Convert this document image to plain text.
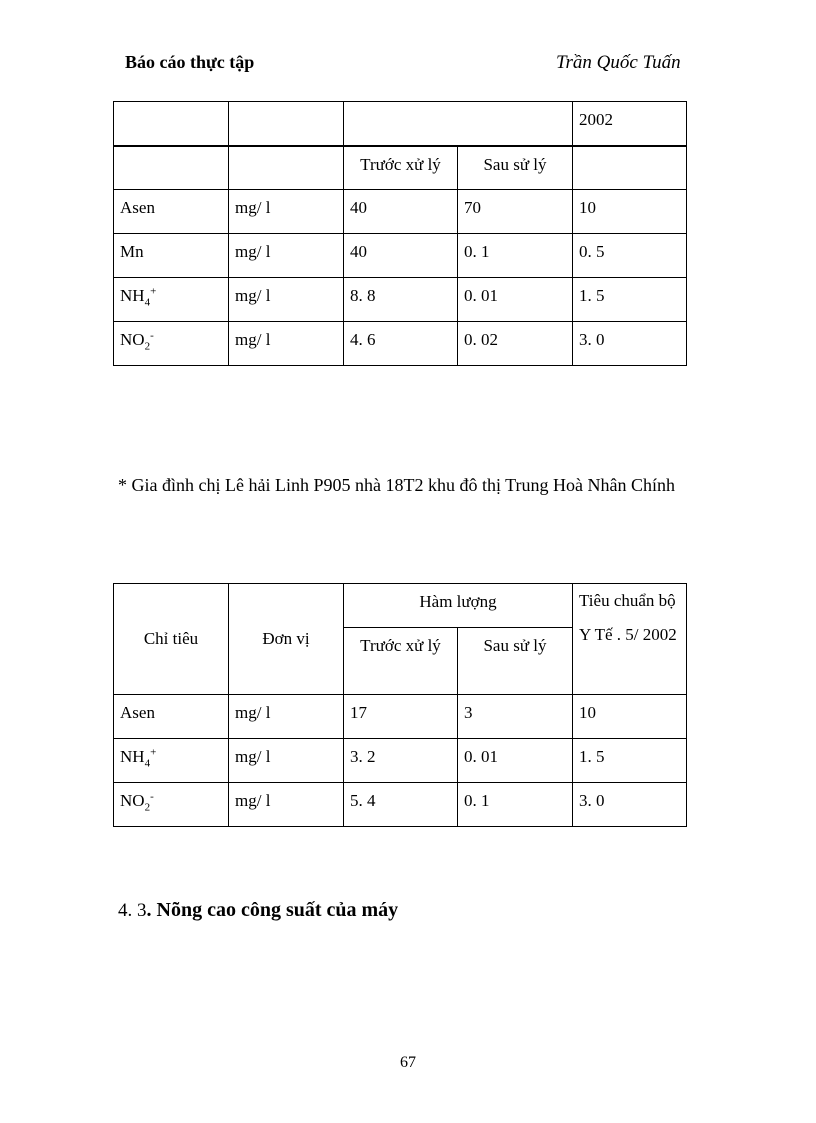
Báo cáo thực tập	Trần Quốc Tuấn
				2002
		Trước xử lý	Sau sử lý	
Asen	mg/ l	40	70	10
Mn	mg/ l	40	0. 1	0. 5
$NH_4^+$	mg/ l	8. 8	0. 01	1. 5
$NO_2^-$	mg/ l	4. 6	0. 02	3. 0
* Gia đình chị Lê hải Linh P905 nhà 18T2 khu đô thị Trung Hoà Nhân Chính
Chỉ tiêu	Đơn vị	Hàm lượng		Tiêu chuẩn bộ Y Tế . 5/ 2002
		Trước xử lý	Sau sử lý	
Asen	mg/ l	17	3	10
$NH_4^+$	mg/ l	3. 2	0. 01	1. 5
$NO_2^-$	mg/ l	5. 4	0. 1	3. 0
4. 3. Nõng cao công suất của máy
67
